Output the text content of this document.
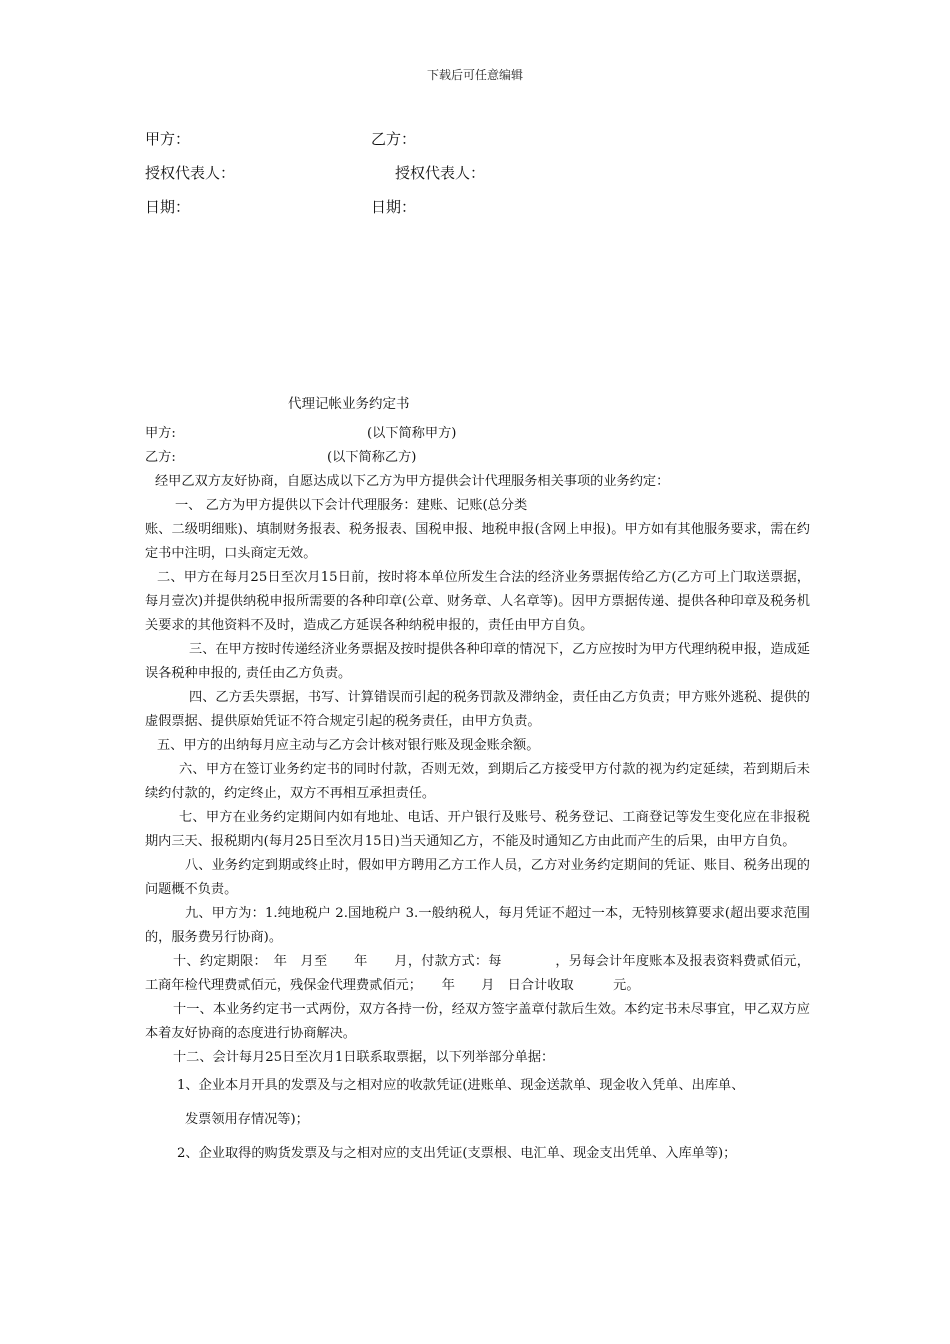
下载后可任意编辑
甲方：	乙方：
授权代表人：	授权代表人：
日期：	日期：
代理记帐业务约定书
甲方:	(以下简称甲方)
乙方:	(以下简称乙方)

经甲乙双方友好协商，自愿达成以下乙方为甲方提供会计代理服务相关事项的业务约定：

一、 乙方为甲方提供以下会计代理服务：建账、记账(总分类

账、二级明细账)、填制财务报表、税务报表、国税申报、地税申报(含网上申报)。甲方如有其他服务要求，需在约定书中注明，口头商定无效。

二、甲方在每月25日至次月15日前，按时将本单位所发生合法的经济业务票据传给乙方(乙方可上门取送票据，每月壹次)并提供纳税申报所需要的各种印章(公章、财务章、人名章等)。因甲方票据传递、提供各种印章及税务机关要求的其他资料不及时，造成乙方延误各种纳税申报的，责任由甲方自负。

三、在甲方按时传递经济业务票据及按时提供各种印章的情况下，乙方应按时为甲方代理纳税申报，造成延误各税种申报的, 责任由乙方负责。

四、乙方丢失票据，书写、计算错误而引起的税务罚款及滞纳金，责任由乙方负责；甲方账外逃税、提供的虚假票据、提供原始凭证不符合规定引起的税务责任，由甲方负责。

五、甲方的出纳每月应主动与乙方会计核对银行账及现金账余额。

六、甲方在签订业务约定书的同时付款，否则无效，到期后乙方接受甲方付款的视为约定延续，若到期后未续约付款的，约定终止，双方不再相互承担责任。

七、甲方在业务约定期间内如有地址、电话、开户银行及账号、税务登记、工商登记等发生变化应在非报税期内三天、报税期内(每月25日至次月15日)当天通知乙方，不能及时通知乙方由此而产生的后果，由甲方自负。

八、业务约定到期或终止时，假如甲方聘用乙方工作人员，乙方对业务约定期间的凭证、账目、税务出现的问题概不负责。

九、甲方为：1.纯地税户 2.国地税户 3.一般纳税人，每月凭证不超过一本，无特别核算要求(超出要求范围的，服务费另行协商)。

十、约定期限：　年　月至　　年　　月，付款方式：每　　　　，另每会计年度账本及报表资料费贰佰元，工商年检代理费贰佰元，残保金代理费贰佰元；　　年　　月　日合计收取　　　元。

十一、本业务约定书一式两份，双方各持一份，经双方签字盖章付款后生效。本约定书未尽事宜，甲乙双方应本着友好协商的态度进行协商解决。

十二、会计每月25日至次月1日联系取票据，以下列举部分单据：

1、企业本月开具的发票及与之相对应的收款凭证(进账单、现金送款单、现金收入凭单、出库单、

发票领用存情况等)；

2、企业取得的购货发票及与之相对应的支出凭证(支票根、电汇单、现金支出凭单、入库单等)；
